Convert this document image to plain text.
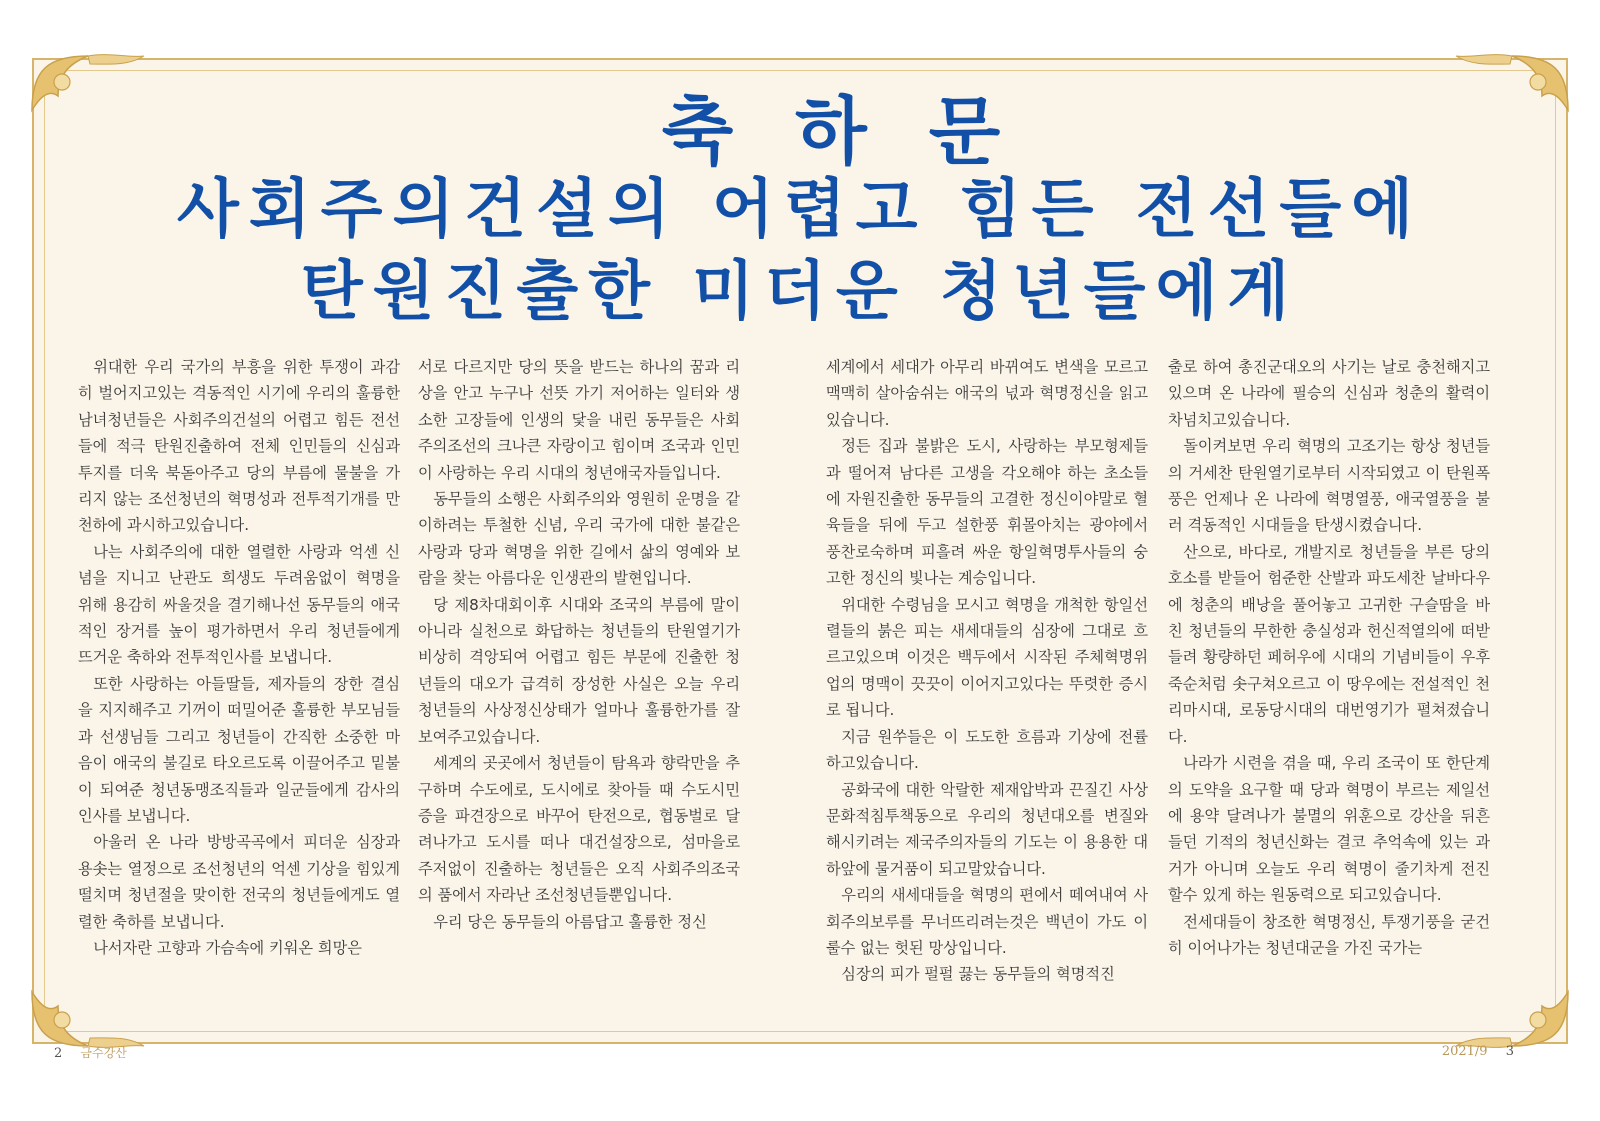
축하문
사회주의건설의 어렵고 힘든 전선들에
탄원진출한 미더운 청년들에게

위대한 우리 국가의 부흥을 위한 투쟁이 과감히 벌어지고있는 격동적인 시기에 우리의 훌륭한 남녀청년들은 사회주의건설의 어렵고 힘든 전선들에 적극 탄원진출하여 전체 인민들의 신심과 투지를 더욱 북돋아주고 당의 부름에 물불을 가리지 않는 조선청년의 혁명성과 전투적기개를 만천하에 과시하고있습니다.

나는 사회주의에 대한 열렬한 사랑과 억센 신념을 지니고 난관도 희생도 두려움없이 혁명을 위해 용감히 싸울것을 결기해나선 동무들의 애국적인 장거를 높이 평가하면서 우리 청년들에게 뜨거운 축하와 전투적인사를 보냅니다.

또한 사랑하는 아들딸들, 제자들의 장한 결심을 지지해주고 기꺼이 떠밀어준 훌륭한 부모님들과 선생님들 그리고 청년들이 간직한 소중한 마음이 애국의 불길로 타오르도록 이끌어주고 밑불이 되여준 청년동맹조직들과 일군들에게 감사의 인사를 보냅니다.

아울러 온 나라 방방곡곡에서 피더운 심장과 용솟는 열정으로 조선청년의 억센 기상을 힘있게 떨치며 청년절을 맞이한 전국의 청년들에게도 열렬한 축하를 보냅니다.

나서자란 고향과 가슴속에 키워온 희망은

서로 다르지만 당의 뜻을 받드는 하나의 꿈과 리상을 안고 누구나 선뜻 가기 저어하는 일터와 생소한 고장들에 인생의 닻을 내린 동무들은 사회주의조선의 크나큰 자랑이고 힘이며 조국과 인민이 사랑하는 우리 시대의 청년애국자들입니다.

동무들의 소행은 사회주의와 영원히 운명을 같이하려는 투철한 신념, 우리 국가에 대한 불같은 사랑과 당과 혁명을 위한 길에서 삶의 영예와 보람을 찾는 아름다운 인생관의 발현입니다.

당 제8차대회이후 시대와 조국의 부름에 말이 아니라 실천으로 화답하는 청년들의 탄원열기가 비상히 격앙되여 어렵고 힘든 부문에 진출한 청년들의 대오가 급격히 장성한 사실은 오늘 우리 청년들의 사상정신상태가 얼마나 훌륭한가를 잘 보여주고있습니다.

세계의 곳곳에서 청년들이 탐욕과 향락만을 추구하며 수도에로, 도시에로 찾아들 때 수도시민증을 파견장으로 바꾸어 탄전으로, 협동벌로 달려나가고 도시를 떠나 대건설장으로, 섬마을로 주저없이 진출하는 청년들은 오직 사회주의조국의 품에서 자라난 조선청년들뿐입니다.

우리 당은 동무들의 아름답고 훌륭한 정신

세계에서 세대가 아무리 바뀌여도 변색을 모르고 맥맥히 살아숨쉬는 애국의 넋과 혁명정신을 읽고있습니다.

정든 집과 불밝은 도시, 사랑하는 부모형제들과 떨어져 남다른 고생을 각오해야 하는 초소들에 자원진출한 동무들의 고결한 정신이야말로 혈육들을 뒤에 두고 설한풍 휘몰아치는 광야에서 풍찬로숙하며 피흘려 싸운 항일혁명투사들의 숭고한 정신의 빛나는 계승입니다.

위대한 수령님을 모시고 혁명을 개척한 항일선렬들의 붉은 피는 새세대들의 심장에 그대로 흐르고있으며 이것은 백두에서 시작된 주체혁명위업의 명맥이 끗끗이 이어지고있다는 뚜렷한 증시로 됩니다.

지금 원쑤들은 이 도도한 흐름과 기상에 전률하고있습니다.

공화국에 대한 악랄한 제재압박과 끈질긴 사상문화적침투책동으로 우리의 청년대오를 변질와해시키려는 제국주의자들의 기도는 이 용용한 대하앞에 물거품이 되고말았습니다.

우리의 새세대들을 혁명의 편에서 떼여내여 사회주의보루를 무너뜨리려는것은 백년이 가도 이룰수 없는 헛된 망상입니다.

심장의 피가 펄펄 끓는 동무들의 혁명적진

출로 하여 총진군대오의 사기는 날로 충천해지고있으며 온 나라에 필승의 신심과 청춘의 활력이 차넘치고있습니다.

돌이켜보면 우리 혁명의 고조기는 항상 청년들의 거세찬 탄원열기로부터 시작되였고 이 탄원폭풍은 언제나 온 나라에 혁명열풍, 애국열풍을 불러 격동적인 시대들을 탄생시켰습니다.

산으로, 바다로, 개발지로 청년들을 부른 당의 호소를 받들어 험준한 산발과 파도세찬 날바다우에 청춘의 배낭을 풀어놓고 고귀한 구슬땀을 바친 청년들의 무한한 충실성과 헌신적열의에 떠받들려 황량하던 페허우에 시대의 기념비들이 우후죽순처럼 솟구쳐오르고 이 땅우에는 전설적인 천리마시대, 로동당시대의 대번영기가 펼쳐졌습니다.

나라가 시련을 겪을 때, 우리 조국이 또 한단계의 도약을 요구할 때 당과 혁명이 부르는 제일선에 용약 달려나가 불멸의 위훈으로 강산을 뒤흔들던 기적의 청년신화는 결코 추억속에 있는 과거가 아니며 오늘도 우리 혁명이 줄기차게 전진할수 있게 하는 원동력으로 되고있습니다.

전세대들이 창조한 혁명정신, 투쟁기풍을 굳건히 이어나가는 청년대군을 가진 국가는

2 금수강산	2021/9 3
